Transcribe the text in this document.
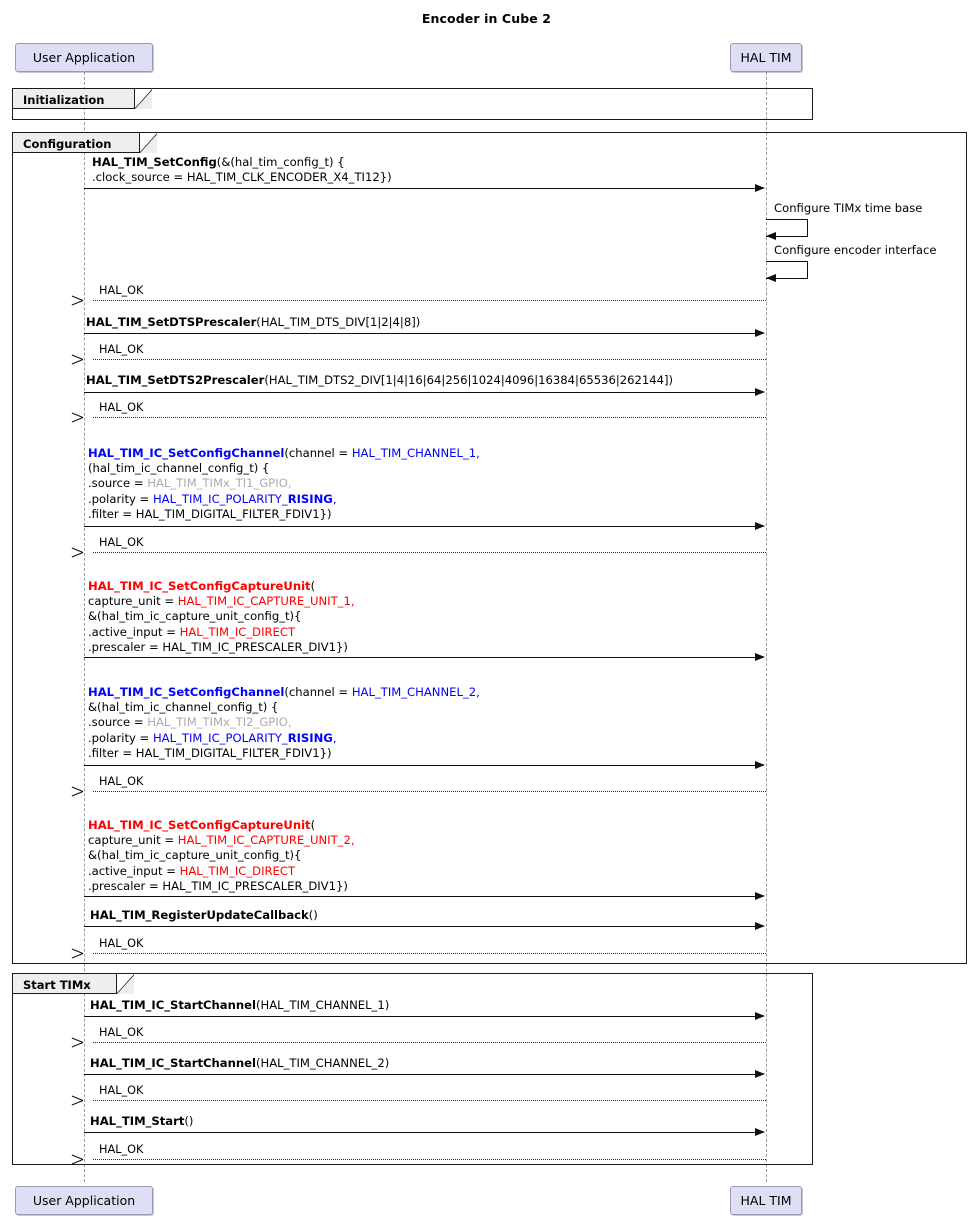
Encoder in Cube 2
User Application	HAL TIM
Initialization
Configuration
HAL_TIM_SetConfig(&(hal_tim_config_t) {
.clock_source = HAL_TIM_CLK_ENCODER_X4_TI12})
Configure TIMx time base
Configure encoder interface
HAL_OK
HAL_TIM_SetDTSPrescaler(HAL_TIM_DTS_DIV[1|2|4|8])
HAL_OK
HAL_TIM_SetDTS2Prescaler(HAL_TIM_DTS2_DIV[1|4|16|64|256|1024|4096|16384|65536|262144])
HAL_OK
HAL_TIM_IC_SetConfigChannel(channel = HAL_TIM_CHANNEL_1,
(hal_tim_ic_channel_config_t) {
.source = HAL_TIM_TIMx_TI1_GPIO,
.polarity = HAL_TIM_IC_POLARITY_RISING,
.filter = HAL_TIM_DIGITAL_FILTER_FDIV1})
HAL_OK
HAL_TIM_IC_SetConfigCaptureUnit(
capture_unit = HAL_TIM_IC_CAPTURE_UNIT_1,
&(hal_tim_ic_capture_unit_config_t){
.active_input = HAL_TIM_IC_DIRECT
.prescaler = HAL_TIM_IC_PRESCALER_DIV1})
HAL_TIM_IC_SetConfigChannel(channel = HAL_TIM_CHANNEL_2,
&(hal_tim_ic_channel_config_t) {
.source = HAL_TIM_TIMx_TI2_GPIO,
.polarity = HAL_TIM_IC_POLARITY_RISING,
.filter = HAL_TIM_DIGITAL_FILTER_FDIV1})
HAL_OK
HAL_TIM_IC_SetConfigCaptureUnit(
capture_unit = HAL_TIM_IC_CAPTURE_UNIT_2,
&(hal_tim_ic_capture_unit_config_t){
.active_input = HAL_TIM_IC_DIRECT
.prescaler = HAL_TIM_IC_PRESCALER_DIV1})
HAL_TIM_RegisterUpdateCallback()
HAL_OK
Start TIMx
HAL_TIM_IC_StartChannel(HAL_TIM_CHANNEL_1)
HAL_OK
HAL_TIM_IC_StartChannel(HAL_TIM_CHANNEL_2)
HAL_OK
HAL_TIM_Start()
HAL_OK
User Application	HAL TIM
